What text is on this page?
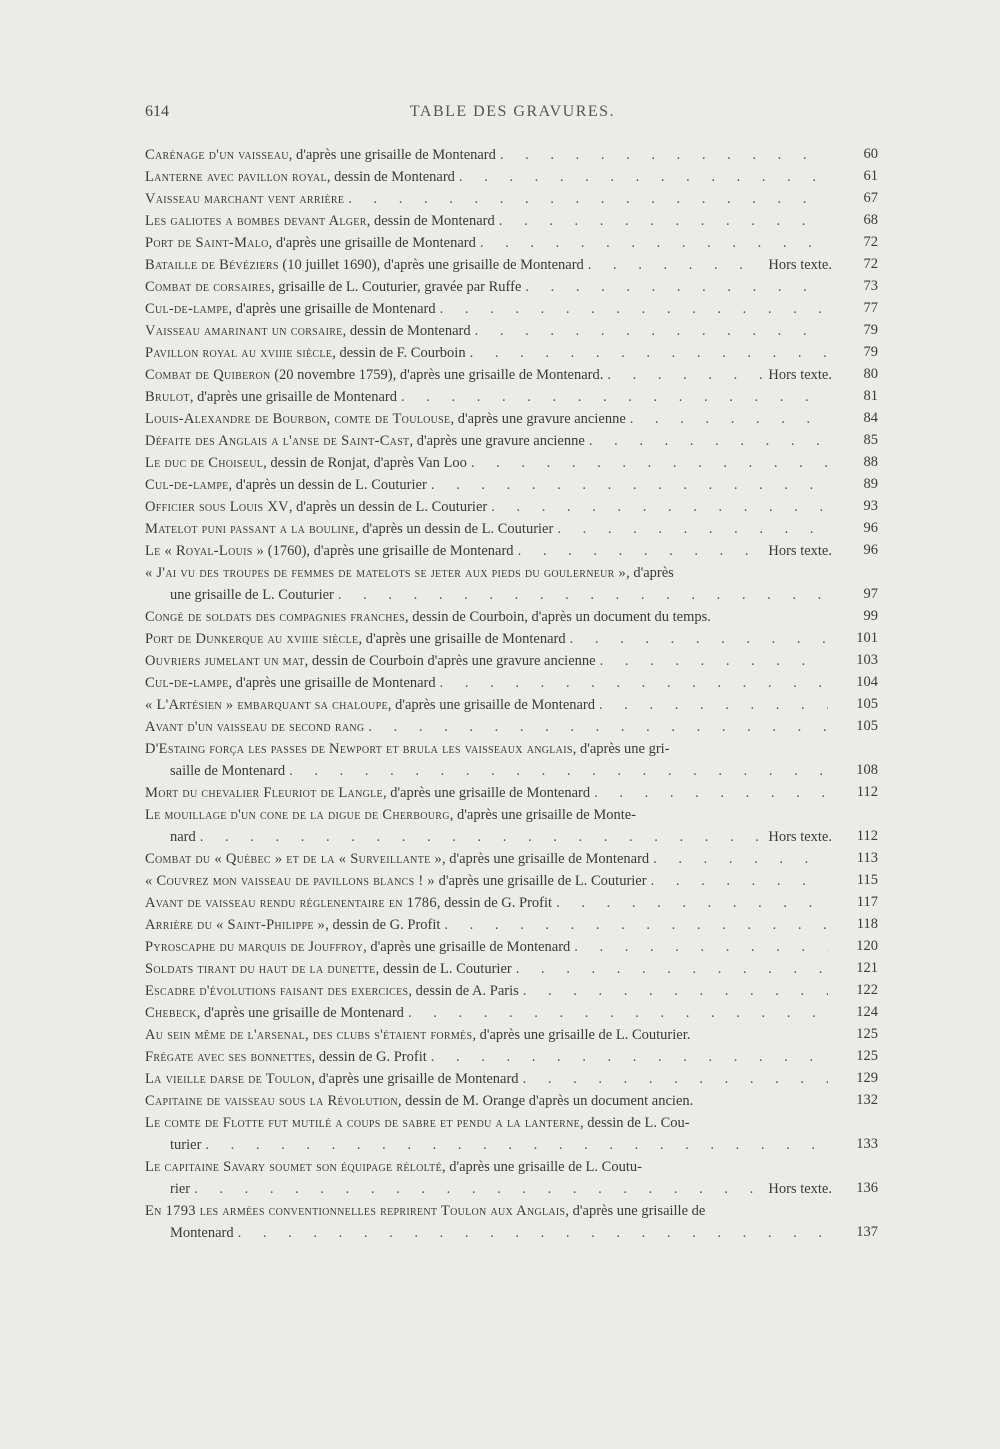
614	TABLE DES GRAVURES.
Carénage d'un vaisseau, d'après une grisaille de Montenard . . .	60
Lanterne avec pavillon royal, dessin de Montenard . . .	61
Vaisseau marchant vent arrière . . .	67
Les galiotes a bombes devant Alger, dessin de Montenard . . .	68
Port de Saint-Malo, d'après une grisaille de Montenard . . .	72
Bataille de Bévéziers (10 juillet 1690), d'après une grisaille de Montenard . . .	Hors texte.	72
Combat de corsaires, grisaille de L. Couturier, gravée par Ruffe . . .	73
Cul-de-lampe, d'après une grisaille de Montenard . . .	77
Vaisseau amarinant un corsaire, dessin de Montenard . . .	79
Pavillon royal au xviiie siècle, dessin de F. Courboin . . .	79
Combat de Quiberon (20 novembre 1759), d'après une grisaille de Montenard. . . .	Hors texte.	80
Brulot, d'après une grisaille de Montenard . . .	81
Louis-Alexandre de Bourbon, comte de Toulouse, d'après une gravure ancienne . . .	84
Défaite des Anglais a l'anse de Saint-Cast, d'après une gravure ancienne . . .	85
Le duc de Choiseul, dessin de Ronjat, d'après Van Loo . . .	88
Cul-de-lampe, d'après un dessin de L. Couturier . . .	89
Officier sous Louis XV, d'après un dessin de L. Couturier . . .	93
Matelot puni passant a la bouline, d'après un dessin de L. Couturier . . .	96
Le « Royal-Louis » (1760), d'après une grisaille de Montenard . . .	Hors texte.	96
« J'ai vu des troupes de femmes de matelots se jeter aux pieds du goulerneur », d'après
une grisaille de L. Couturier . . .	97
Congé de soldats des compagnies franches, dessin de Courboin, d'après un document du temps.	99
Port de Dunkerque au xviiie siècle, d'après une grisaille de Montenard . . .	101
Ouvriers jumelant un mat, dessin de Courboin d'après une gravure ancienne . . .	103
Cul-de-lampe, d'après une grisaille de Montenard . . .	104
« L'Artésien » embarquant sa chaloupe, d'après une grisaille de Montenard . . .	105
Avant d'un vaisseau de second rang . . .	105
D'Estaing força les passes de Newport et brula les vaisseaux anglais, d'après une gri-
saille de Montenard . . .	108
Mort du chevalier Fleuriot de Langle, d'après une grisaille de Montenard . . .	112
Le mouillage d'un cone de la digue de Cherbourg, d'après une grisaille de Monte-
nard . . .	Hors texte.	112
Combat du « Québec » et de la « Surveillante », d'après une grisaille de Montenard . . .	113
« Couvrez mon vaisseau de pavillons blancs ! » d'après une grisaille de L. Couturier . . .	115
Avant de vaisseau rendu réglenentaire en 1786, dessin de G. Profit . . .	117
Arrière du « Saint-Philippe », dessin de G. Profit . . .	118
Pyroscaphe du marquis de Jouffroy, d'après une grisaille de Montenard . . .	120
Soldats tirant du haut de la dunette, dessin de L. Couturier . . .	121
Escadre d'évolutions faisant des exercices, dessin de A. Paris . . .	122
Chebeck, d'après une grisaille de Montenard . . .	124
Au sein même de l'arsenal, des clubs s'étaient formés, d'après une grisaille de L. Couturier.	125
Frégate avec ses bonnettes, dessin de G. Profit . . .	125
La vieille darse de Toulon, d'après une grisaille de Montenard . . .	129
Capitaine de vaisseau sous la Révolution, dessin de M. Orange d'après un document ancien.	132
Le comte de Flotte fut mutilé a coups de sabre et pendu a la lanterne, dessin de L. Cou-
turier . . .	133
Le capitaine Savary soumet son équipage rélolté, d'après une grisaille de L. Coutu-
rier . . .	Hors texte.	136
En 1793 les armées conventionnelles reprirent Toulon aux Anglais, d'après une grisaille de
Montenard . . .	137
